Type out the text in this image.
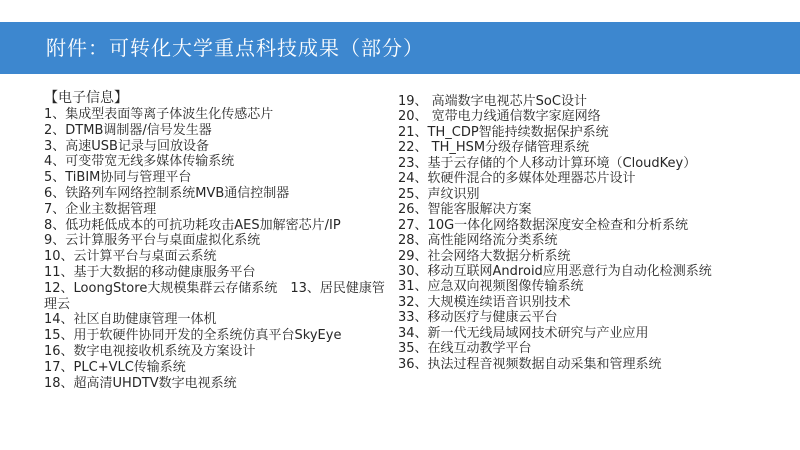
附件：可转化大学重点科技成果（部分）
【电子信息】
1、集成型表面等离子体波生化传感芯片
2、DTMB调制器/信号发生器
3、高速USB记录与回放设备
4、可变带宽无线多媒体传输系统
5、TiBIM协同与管理平台
6、铁路列车网络控制系统MVB通信控制器
7、企业主数据管理
8、低功耗低成本的可抗功耗攻击AES加解密芯片/IP
9、云计算服务平台与桌面虚拟化系统
10、云计算平台与桌面云系统
11、基于大数据的移动健康服务平台
12、LoongStore大规模集群云存储系统　13、居民健康管理云
14、社区自助健康管理一体机
15、用于软硬件协同开发的全系统仿真平台SkyEye
16、数字电视接收机系统及方案设计
17、PLC+VLC传输系统
18、超高清UHDTV数字电视系统
19、 高端数字电视芯片SoC设计
20、 宽带电力线通信数字家庭网络
21、TH_CDP智能持续数据保护系统
22、 TH_HSM分级存储管理系统
23、基于云存储的个人移动计算环境（CloudKey）
24、软硬件混合的多媒体处理器芯片设计
25、声纹识别
26、智能客服解决方案
27、10G一体化网络数据深度安全检查和分析系统
28、高性能网络流分类系统
29、社会网络大数据分析系统
30、移动互联网Android应用恶意行为自动化检测系统
31、应急双向视频图像传输系统
32、大规模连续语音识别技术
33、移动医疗与健康云平台
34、新一代无线局域网技术研究与产业应用
35、在线互动教学平台
36、执法过程音视频数据自动采集和管理系统
